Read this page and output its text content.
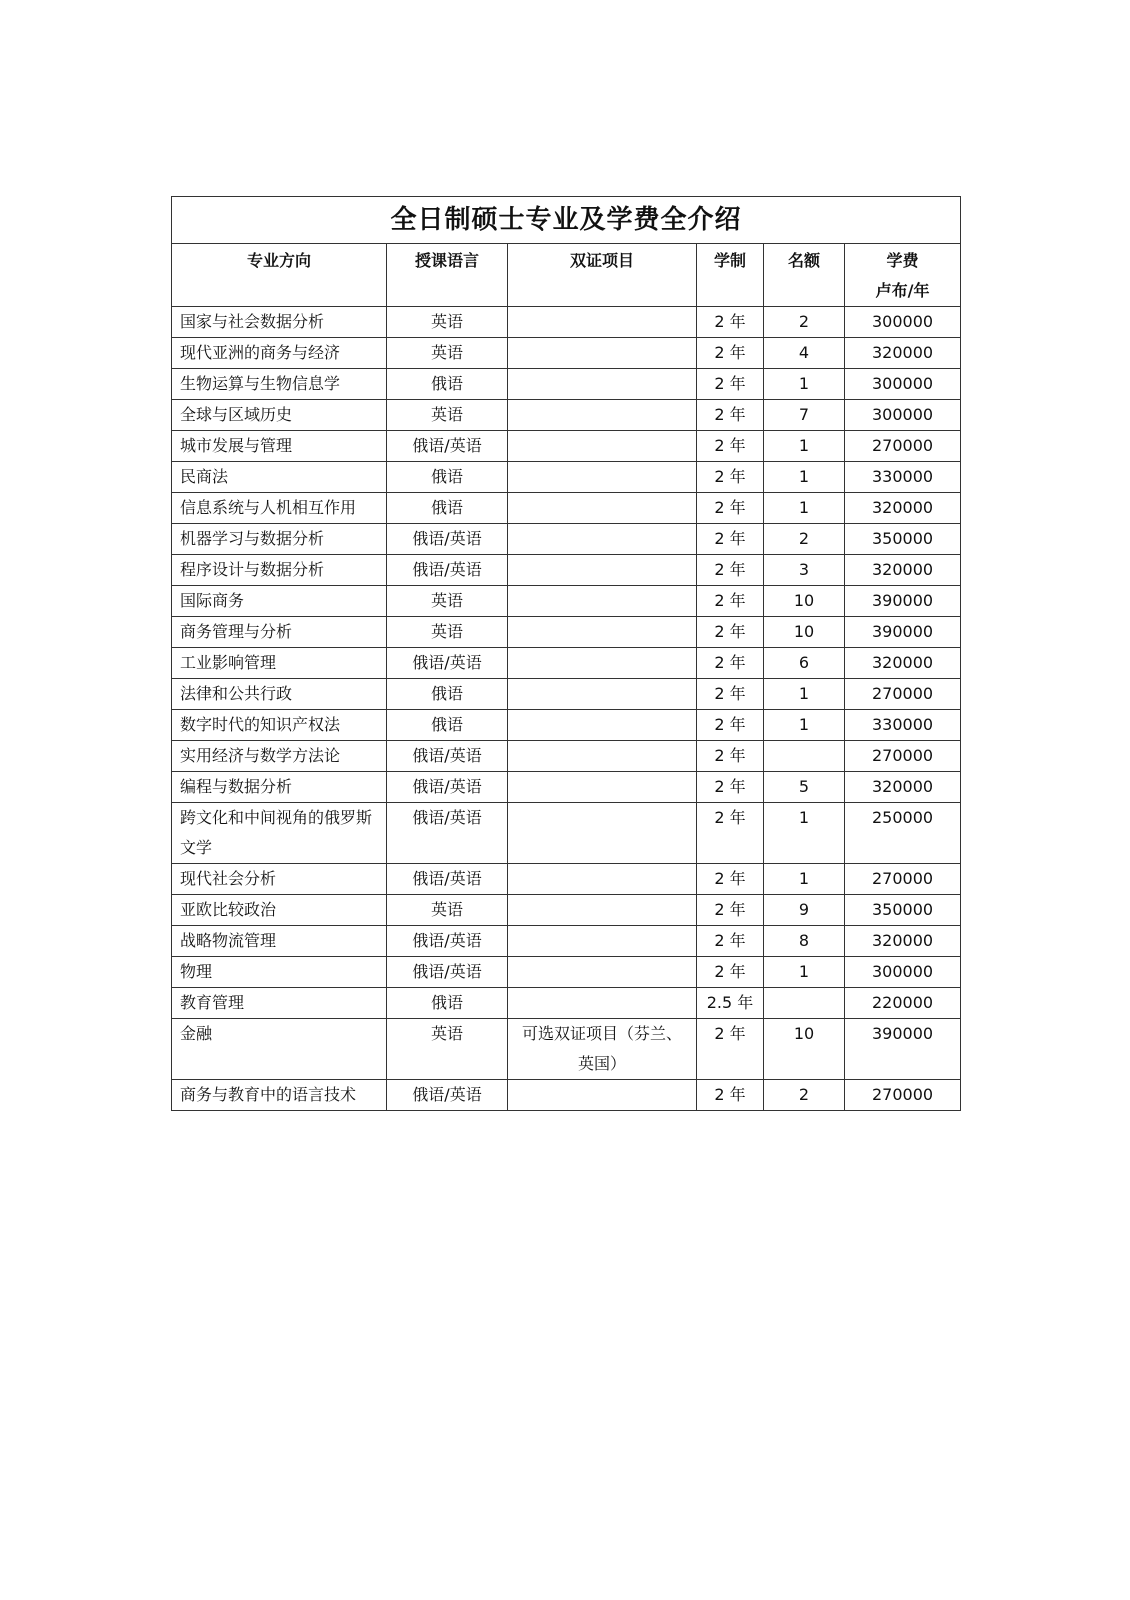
全日制硕士专业及学费全介绍					
专业方向	授课语言	双证项目	学制	名额	学费
卢布/年

国家与社会数据分析	英语		2 年	2	300000
现代亚洲的商务与经济	英语		2 年	4	320000
生物运算与生物信息学	俄语		2 年	1	300000
全球与区域历史	英语		2 年	7	300000
城市发展与管理	俄语/英语		2 年	1	270000
民商法	俄语		2 年	1	330000
信息系统与人机相互作用	俄语		2 年	1	320000
机器学习与数据分析	俄语/英语		2 年	2	350000
程序设计与数据分析	俄语/英语		2 年	3	320000
国际商务	英语		2 年	10	390000
商务管理与分析	英语		2 年	10	390000
工业影响管理	俄语/英语		2 年	6	320000
法律和公共行政	俄语		2 年	1	270000
数字时代的知识产权法	俄语		2 年	1	330000
实用经济与数学方法论	俄语/英语		2 年		270000
编程与数据分析	俄语/英语		2 年	5	320000
跨文化和中间视角的俄罗斯文学	俄语/英语		2 年	1	250000
现代社会分析	俄语/英语		2 年	1	270000
亚欧比较政治	英语		2 年	9	350000
战略物流管理	俄语/英语		2 年	8	320000
物理	俄语/英语		2 年	1	300000
教育管理	俄语		2.5 年		220000
金融	英语	可选双证项目（芬兰、英国）	2 年	10	390000
商务与教育中的语言技术	俄语/英语		2 年	2	270000
